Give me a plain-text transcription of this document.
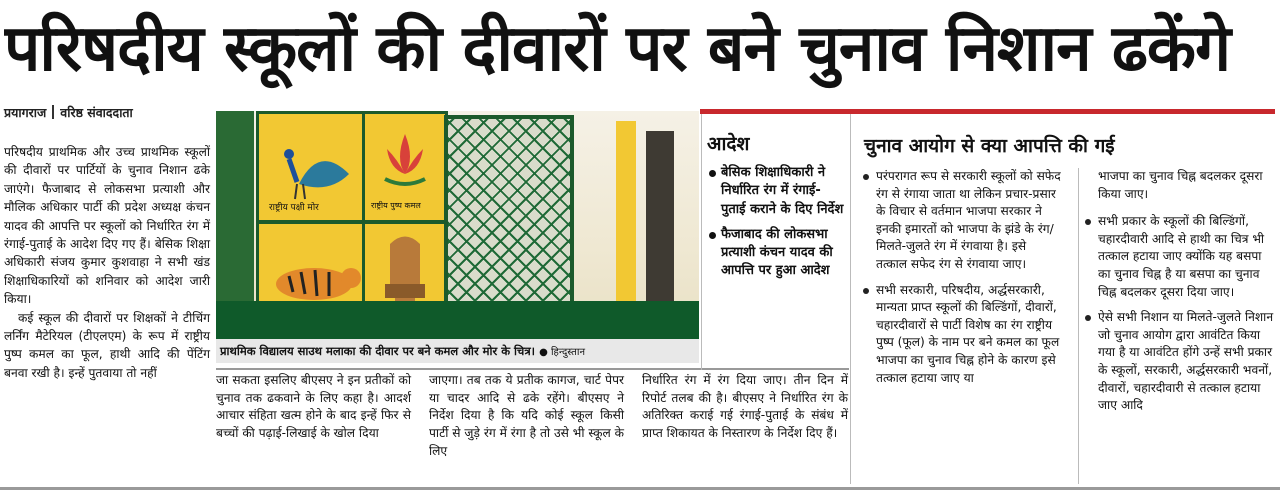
परिषदीय स्कूलों की दीवारों पर बने चुनाव निशान ढकेंगे
प्रयागराज वरिष्ठ संवाददाता

परिषदीय प्राथमिक और उच्च प्राथमिक स्कूलों की दीवारों पर पार्टियों के चुनाव निशान ढके जाएंगे। फैजाबाद से लोकसभा प्रत्याशी और मौलिक अधिकार पार्टी की प्रदेश अध्यक्ष कंचन यादव की आपत्ति पर स्कूलों को निर्धारित रंग में रंगाई-पुताई के आदेश दिए गए हैं। बेसिक शिक्षा अधिकारी संजय कुमार कुशवाहा ने सभी खंड शिक्षाधिकारियों को शनिवार को आदेश जारी किया।

कई स्कूल की दीवारों पर शिक्षकों ने टीचिंग लर्निंग मैटेरियल (टीएलएम) के रूप में राष्ट्रीय पुष्प कमल का फूल, हाथी आदि की पेंटिंग बनवा रखी है। इन्हें पुतवाया तो नहीं

राष्ट्रीय पक्षी मोर	राष्ट्रीय पुष्प कमल
प्राथमिक विद्यालय साउथ मलाका की दीवार पर बने कमल और मोर के चित्र। ● हिन्दुस्तान
जा सकता इसलिए बीएसए ने इन प्रतीकों को चुनाव तक ढकवाने के लिए कहा है। आदर्श आचार संहिता खत्म होने के बाद इन्हें फिर से बच्चों की पढ़ाई-लिखाई के खोल दिया
जाएगा। तब तक ये प्रतीक कागज, चार्ट पेपर या चादर आदि से ढके रहेंगे। बीएसए ने निर्देश दिया है कि यदि कोई स्कूल किसी पार्टी से जुड़े रंग में रंगा है तो उसे भी स्कूल के लिए
निर्धारित रंग में रंग दिया जाए। तीन दिन में रिपोर्ट तलब की है। बीएसए ने निर्धारित रंग के अतिरिक्त कराई गई रंगाई-पुताई के संबंध में प्राप्त शिकायत के निस्तारण के निर्देश दिए हैं।
आदेश
बेसिक शिक्षाधिकारी ने निर्धारित रंग में रंगाई-पुताई कराने के दिए निर्देश
फैजाबाद की लोकसभा प्रत्याशी कंचन यादव की आपत्ति पर हुआ आदेश
चुनाव आयोग से क्या आपत्ति की गई
परंपरागत रूप से सरकारी स्कूलों को सफेद रंग से रंगाया जाता था लेकिन प्रचार-प्रसार के विचार से वर्तमान भाजपा सरकार ने इनकी इमारतों को भाजपा के झंडे के रंग/मिलते-जुलते रंग में रंगवाया है। इसे तत्काल सफेद रंग से रंगवाया जाए।
सभी सरकारी, परिषदीय, अर्द्धसरकारी, मान्यता प्राप्त स्कूलों की बिल्डिंगों, दीवारों, चहारदीवारों से पार्टी विशेष का रंग राष्ट्रीय पुष्प (फूल) के नाम पर बने कमल का फूल भाजपा का चुनाव चिह्न होने के कारण इसे तत्काल हटाया जाए या
भाजपा का चुनाव चिह्न बदलकर दूसरा किया जाए।
सभी प्रकार के स्कूलों की बिल्डिंगों, चहारदीवारी आदि से हाथी का चित्र भी तत्काल हटाया जाए क्योंकि यह बसपा का चुनाव चिह्न है या बसपा का चुनाव चिह्न बदलकर दूसरा दिया जाए।
ऐसे सभी निशान या मिलते-जुलते निशान जो चुनाव आयोग द्वारा आवंटित किया गया है या आवंटित होंगे उन्हें सभी प्रकार के स्कूलों, सरकारी, अर्द्धसरकारी भवनों, दीवारों, चहारदीवारी से तत्काल हटाया जाए आदि
